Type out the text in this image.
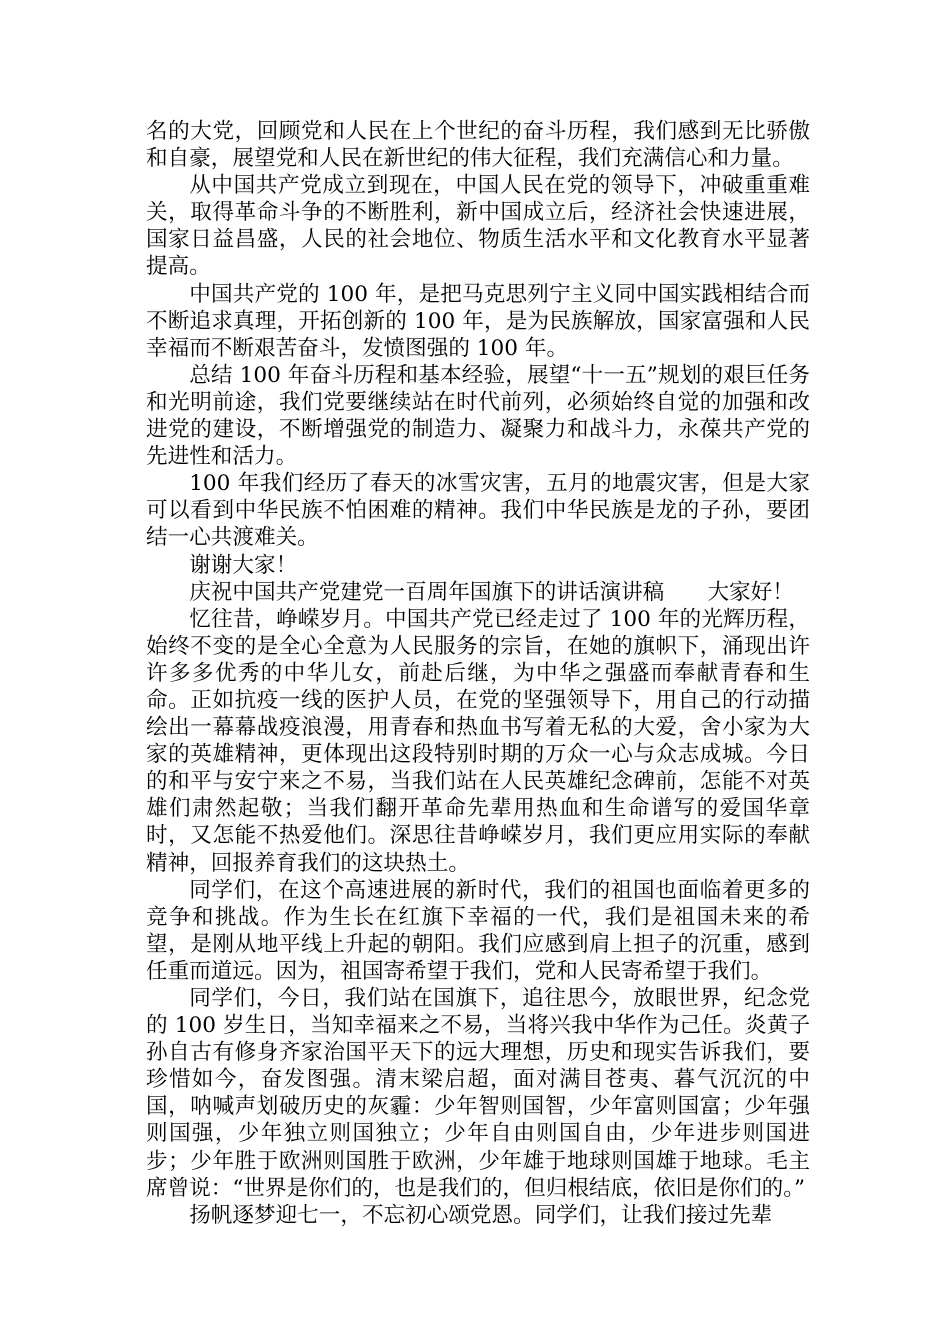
名的大党，回顾党和人民在上个世纪的奋斗历程，我们感到无比骄傲和自豪，展望党和人民在新世纪的伟大征程，我们充满信心和力量。

从中国共产党成立到现在，中国人民在党的领导下，冲破重重难关，取得革命斗争的不断胜利，新中国成立后，经济社会快速进展，国家日益昌盛，人民的社会地位、物质生活水平和文化教育水平显著提高。

中国共产党的 100 年，是把马克思列宁主义同中国实践相结合而不断追求真理，开拓创新的 100 年，是为民族解放，国家富强和人民幸福而不断艰苦奋斗，发愤图强的 100 年。

总结 100 年奋斗历程和基本经验，展望“十一五”规划的艰巨任务和光明前途，我们党要继续站在时代前列，必须始终自觉的加强和改进党的建设，不断增强党的制造力、凝聚力和战斗力，永葆共产党的先进性和活力。

100 年我们经历了春天的冰雪灾害，五月的地震灾害，但是大家可以看到中华民族不怕困难的精神。我们中华民族是龙的子孙，要团结一心共渡难关。

谢谢大家！

庆祝中国共产党建党一百周年国旗下的讲话演讲稿　　大家好！

忆往昔，峥嵘岁月。中国共产党已经走过了 100 年的光辉历程，始终不变的是全心全意为人民服务的宗旨，在她的旗帜下，涌现出许许多多优秀的中华儿女，前赴后继，为中华之强盛而奉献青春和生命。正如抗疫一线的医护人员，在党的坚强领导下，用自己的行动描绘出一幕幕战疫浪漫，用青春和热血书写着无私的大爱，舍小家为大家的英雄精神，更体现出这段特别时期的万众一心与众志成城。今日的和平与安宁来之不易，当我们站在人民英雄纪念碑前，怎能不对英雄们肃然起敬；当我们翻开革命先辈用热血和生命谱写的爱国华章时，又怎能不热爱他们。深思往昔峥嵘岁月，我们更应用实际的奉献精神，回报养育我们的这块热土。

同学们，在这个高速进展的新时代，我们的祖国也面临着更多的竞争和挑战。作为生长在红旗下幸福的一代，我们是祖国未来的希望，是刚从地平线上升起的朝阳。我们应感到肩上担子的沉重，感到任重而道远。因为，祖国寄希望于我们，党和人民寄希望于我们。

同学们，今日，我们站在国旗下，追往思今，放眼世界，纪念党的 100 岁生日，当知幸福来之不易，当将兴我中华作为己任。炎黄子孙自古有修身齐家治国平天下的远大理想，历史和现实告诉我们，要珍惜如今，奋发图强。清末梁启超，面对满目苍夷、暮气沉沉的中国，呐喊声划破历史的灰霾：少年智则国智，少年富则国富；少年强则国强，少年独立则国独立；少年自由则国自由，少年进步则国进步；少年胜于欧洲则国胜于欧洲，少年雄于地球则国雄于地球。毛主席曾说：“世界是你们的，也是我们的，但归根结底，依旧是你们的。”

扬帆逐梦迎七一，不忘初心颂党恩。同学们，让我们接过先辈
